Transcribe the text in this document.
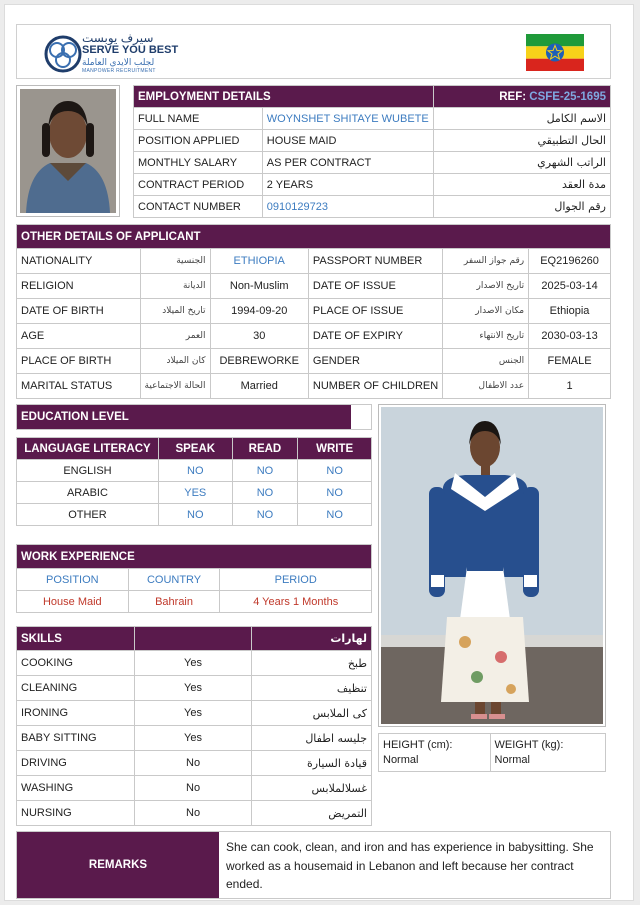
سيرف يوبست
SERVE YOU BEST
لجلب الايدي العاملة
MANPOWER RECRUITMENT
EMPLOYMENT DETAILS		REF: CSFE-25-1695
FULL NAME	WOYNSHET SHITAYE WUBETE	الاسم الكامل
POSITION APPLIED	HOUSE MAID	الحال التطبيقي
MONTHLY SALARY	AS PER CONTRACT	الراتب الشهري
CONTRACT PERIOD	2 YEARS	مدة العقد
CONTACT NUMBER	0910129723	رقم الجوال
OTHER DETAILS OF APPLICANT					
NATIONALITY	الجنسية	ETHIOPIA	PASSPORT NUMBER	رقم جواز السفر	EQ2196260
RELIGION	الديانة	Non-Muslim	DATE OF ISSUE	تاريخ الاصدار	2025-03-14
DATE OF BIRTH	تاريخ الميلاد	1994-09-20	PLACE OF ISSUE	مكان الاصدار	Ethiopia
AGE	العمر	30	DATE OF EXPIRY	تاريخ الانتهاء	2030-03-13
PLACE OF BIRTH	كان الميلاد	DEBREWORKE	GENDER	الجنس	FEMALE
MARITAL STATUS	الحالة الاجتماعية	Married	NUMBER OF CHILDREN	عدد الاطفال	1
EDUCATION LEVEL
LANGUAGE LITERACY	SPEAK	READ	WRITE
ENGLISH	NO	NO	NO
ARABIC	YES	NO	NO
OTHER	NO	NO	NO
WORK EXPERIENCE		
POSITION	COUNTRY	PERIOD
House Maid	Bahrain	4 Years 1 Months
SKILLS		لهارات
COOKING	Yes	طبخ
CLEANING	Yes	تنظيف
IRONING	Yes	كى الملابس
BABY SITTING	Yes	جليسه اطفال
DRIVING	No	قيادة السيارة
WASHING	No	غسلالملابس
NURSING	No	التمريض
HEIGHT (cm):
Normal

WEIGHT (kg):
Normal
REMARKS
She can cook, clean, and iron and has experience in babysitting. She worked as a housemaid in Lebanon and left because her contract ended.
